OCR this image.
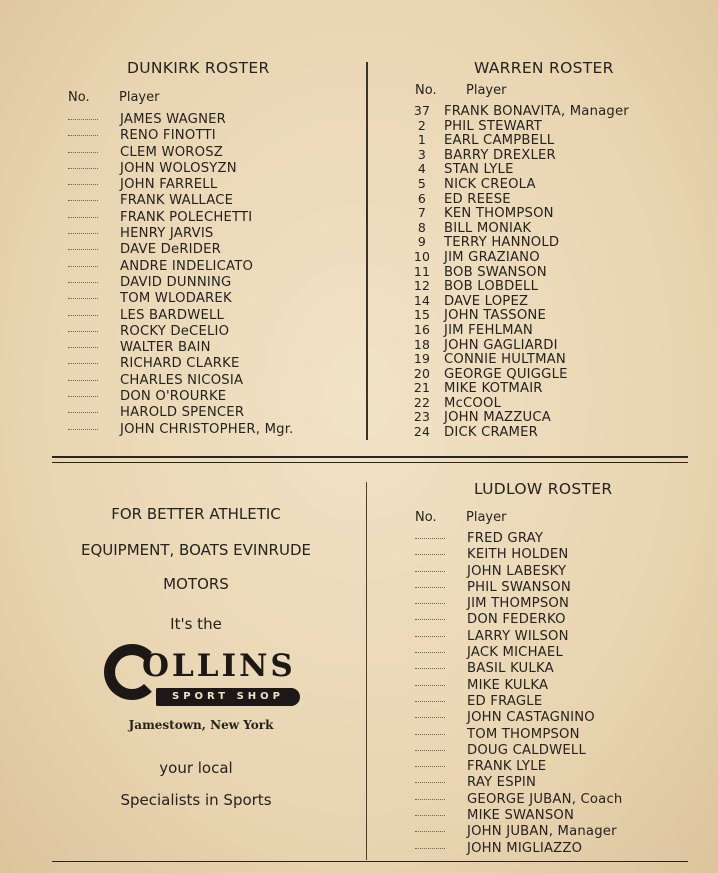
DUNKIRK ROSTER
No. Player
JAMES WAGNER
RENO FINOTTI
CLEM WOROSZ
JOHN WOLOSYZN
JOHN FARRELL
FRANK WALLACE
FRANK POLECHETTI
HENRY JARVIS
DAVE DeRIDER
ANDRE INDELICATO
DAVID DUNNING
TOM WLODAREK
LES BARDWELL
ROCKY DeCELIO
WALTER BAIN
RICHARD CLARKE
CHARLES NICOSIA
DON O'ROURKE
HAROLD SPENCER
JOHN CHRISTOPHER, Mgr.
WARREN ROSTER
No. Player
37	FRANK BONAVITA, Manager
2	PHIL STEWART
1	EARL CAMPBELL
3	BARRY DREXLER
4	STAN LYLE
5	NICK CREOLA
6	ED REESE
7	KEN THOMPSON
8	BILL MONIAK
9	TERRY HANNOLD
10	JIM GRAZIANO
11	BOB SWANSON
12	BOB LOBDELL
14	DAVE LOPEZ
15	JOHN TASSONE
16	JIM FEHLMAN
18	JOHN GAGLIARDI
19	CONNIE HULTMAN
20	GEORGE QUIGGLE
21	MIKE KOTMAIR
22	McCOOL
23	JOHN MAZZUCA
24	DICK CRAMER
FOR BETTER ATHLETIC
EQUIPMENT, BOATS EVINRUDE
MOTORS
It's the
OLLINS
SPORT SHOP
Jamestown, New York
your local
Specialists in Sports
LUDLOW ROSTER
No. Player
FRED GRAY
KEITH HOLDEN
JOHN LABESKY
PHIL SWANSON
JIM THOMPSON
DON FEDERKO
LARRY WILSON
JACK MICHAEL
BASIL KULKA
MIKE KULKA
ED FRAGLE
JOHN CASTAGNINO
TOM THOMPSON
DOUG CALDWELL
FRANK LYLE
RAY ESPIN
GEORGE JUBAN, Coach
MIKE SWANSON
JOHN JUBAN, Manager
JOHN MIGLIAZZO
